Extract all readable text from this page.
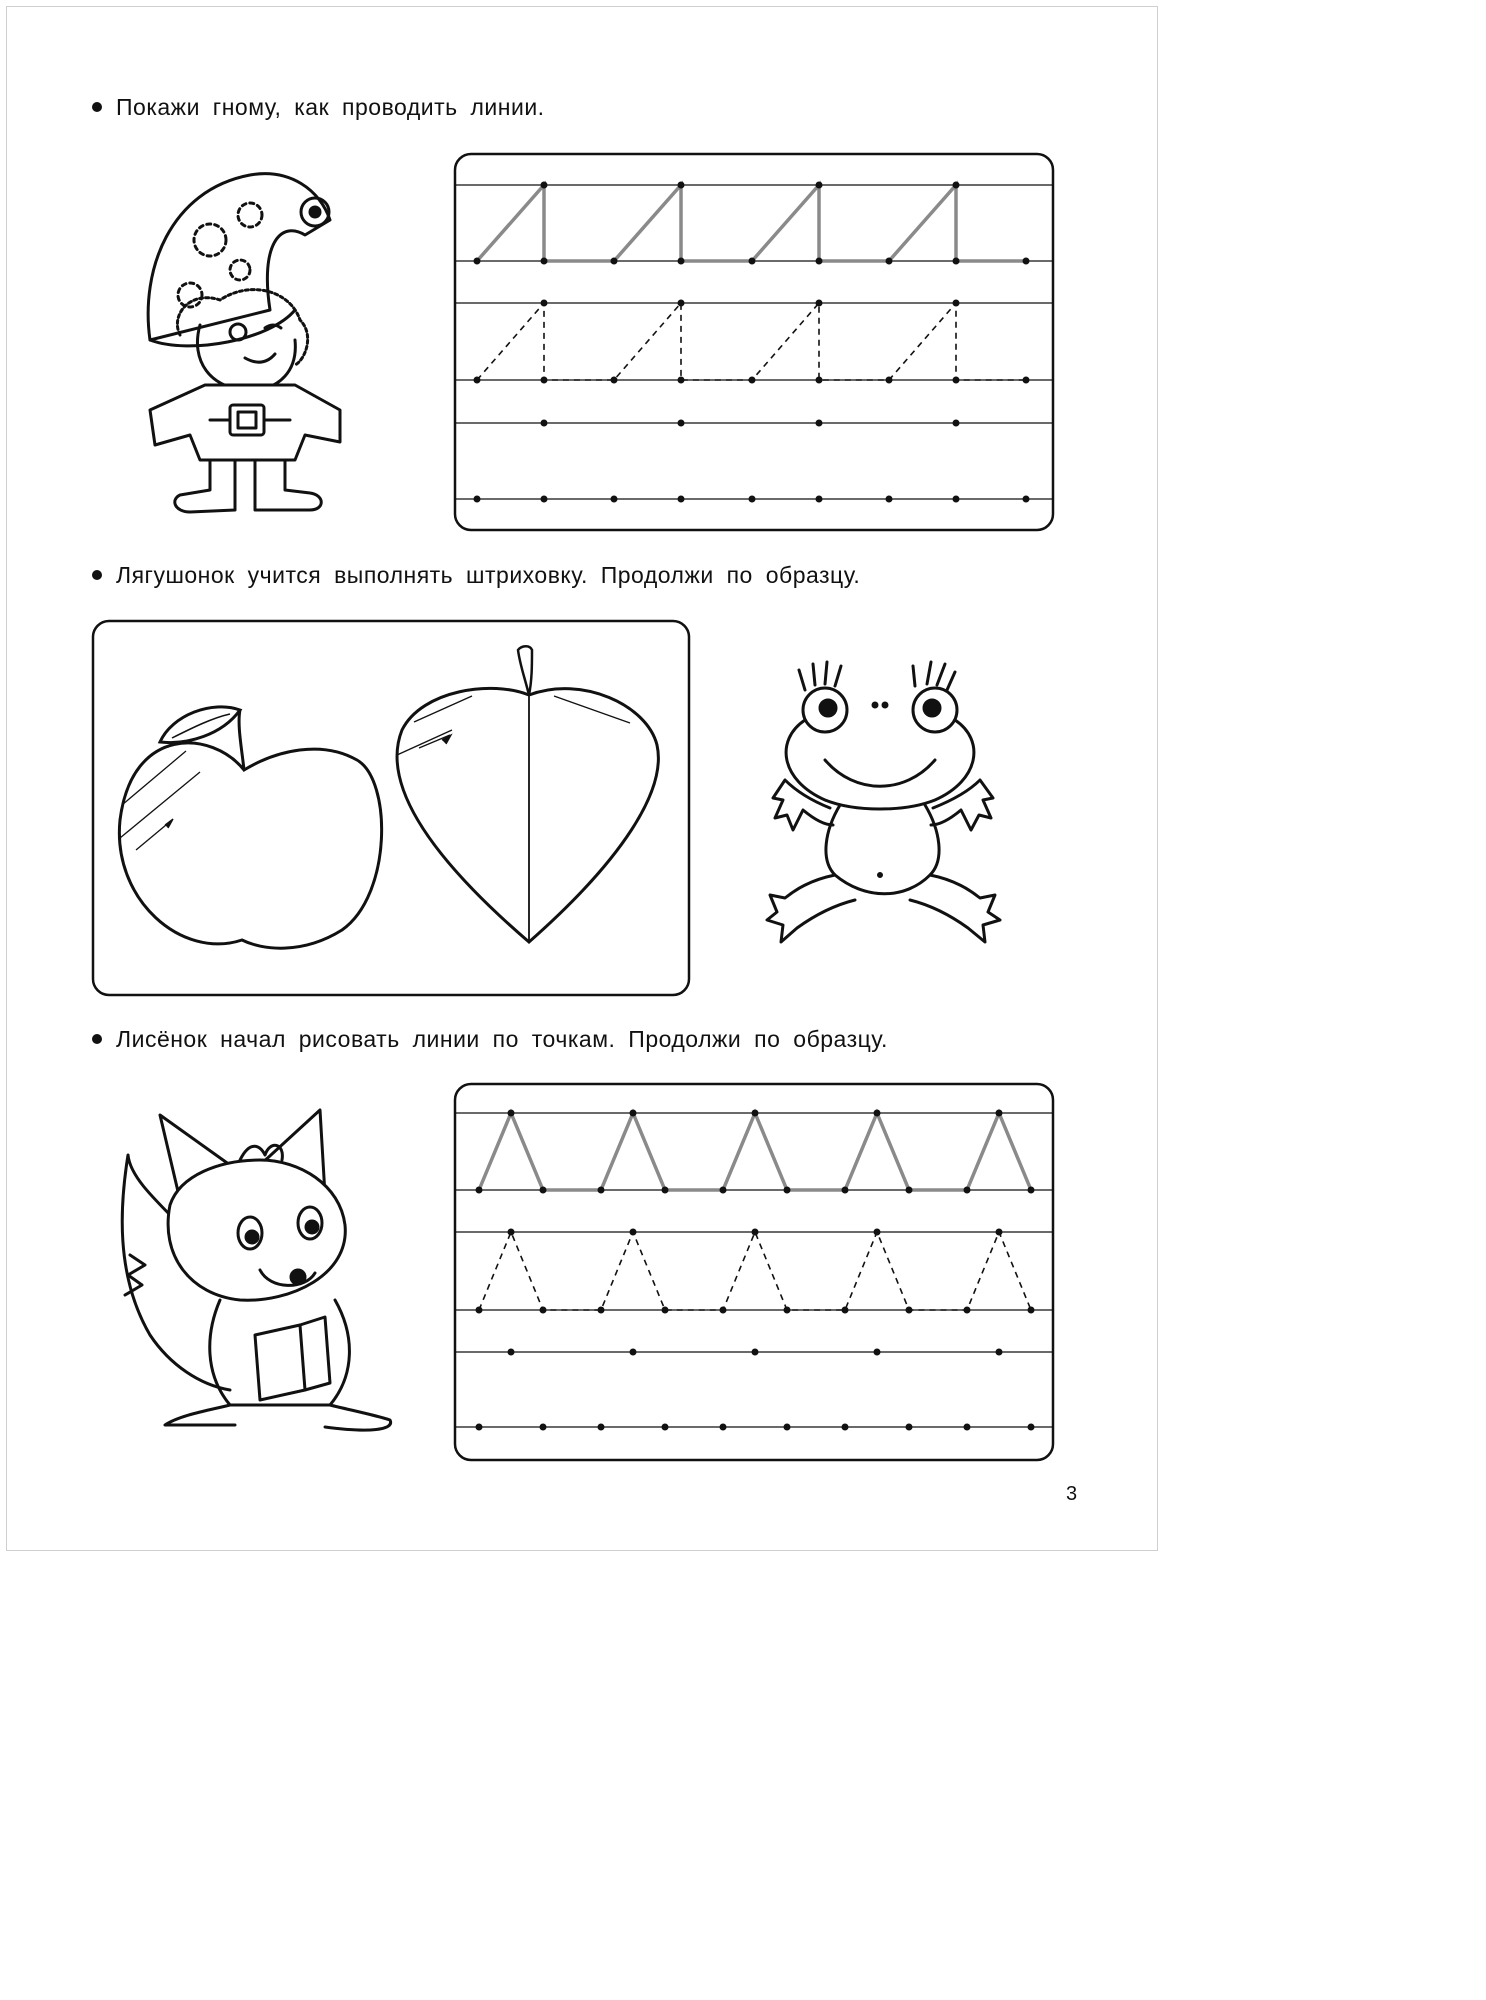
Покажи гному, как проводить линии.
Лягушонок учится выполнять штриховку. Продолжи по образцу.
Лисёнок начал рисовать линии по точкам. Продолжи по образцу.
3
